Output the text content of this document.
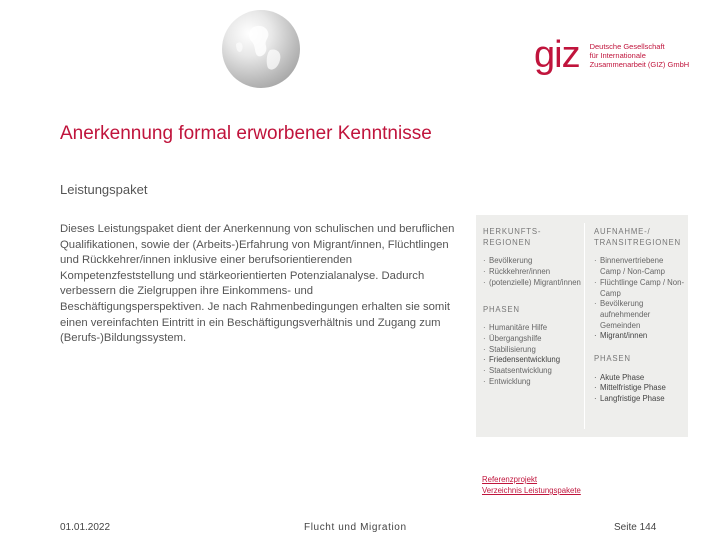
giz Deutsche Gesellschaft
für Internationale
Zusammenarbeit (GIZ) GmbH
Anerkennung formal erworbener Kenntnisse
Leistungspaket
Dieses Leistungspaket dient der Anerkennung von schulischen und beruflichen Qualifikationen, sowie der (Arbeits-)Erfahrung von Migrant/innen, Flüchtlingen und Rückkehrer/innen inklusive einer berufsorientierenden Kompetenzfeststellung und stärkeorientierten Potenzialanalyse. Dadurch verbessern die Zielgruppen ihre Einkommens- und Beschäftigungsperspektiven. Je nach Rahmenbedingungen erhalten sie somit einen vereinfachten Eintritt in ein Beschäftigungsverhältnis und Zugang zum (Berufs-)Bildungssystem.
HERKUNFTS-REGIONEN
· Bevölkerung
· Rückkehrer/innen
· (potenzielle) Migrant/innen
PHASEN
· Humanitäre Hilfe
· Übergangshilfe
· Stabilisierung
· Friedensentwicklung
· Staatsentwicklung
· Entwicklung
AUFNAHME-/ TRANSITREGIONEN
· Binnenvertriebene Camp / Non-Camp
· Flüchtlinge Camp / Non-Camp
· Bevölkerung aufnehmender Gemeinden
· Migrant/innen
PHASEN
· Akute Phase
· Mittelfristige Phase
· Langfristige Phase
Referenzprojekt
Verzeichnis Leistungspakete
01.01.2022	Flucht und Migration	Seite 144
